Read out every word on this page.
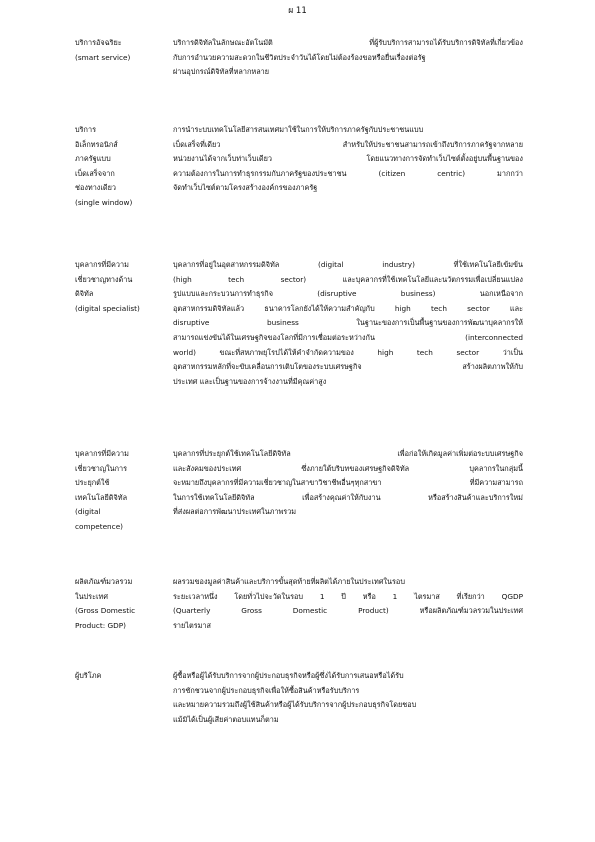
ผ 11
บริการอัจฉริยะ
(smart service)
บริการดิจิทัลในลักษณะอัตโนมัติ ที่ผู้รับบริการสามารถได้รับบริการดิจิทัลที่เกี่ยวข้อง
กับการอำนวยความสะดวกในชีวิตประจำวันได้โดยไม่ต้องร้องขอหรือยื่นเรื่องต่อรัฐ
ผ่านอุปกรณ์ดิจิทัลที่หลากหลาย
บริการ
อิเล็กทรอนิกส์
ภาครัฐแบบ
เบ็ดเสร็จจาก
ช่องทางเดียว
(single window)
การนำระบบเทคโนโลยีสารสนเทศมาใช้ในการให้บริการภาครัฐกับประชาชนแบบ
เบ็ดเสร็จที่เดียว สำหรับให้ประชาชนสามารถเข้าถึงบริการภาครัฐจากหลาย
หน่วยงานได้จากเว็บท่าเว็บเดียว โดยแนวทางการจัดทำเว็บไซต์ตั้งอยู่บนพื้นฐานของ
ความต้องการในการทำธุรกรรมกับภาครัฐของประชาชน (citizen centric) มากกว่า
จัดทำเว็บไซต์ตามโครงสร้างองค์กรของภาครัฐ
บุคลากรที่มีความ
เชี่ยวชาญทางด้าน
ดิจิทัล
(digital specialist)
บุคลากรที่อยู่ในอุตสาหกรรมดิจิทัล (digital industry) ที่ใช้เทคโนโลยีเข้มข้น
(high tech sector) และบุคลากรที่ใช้เทคโนโลยีและนวัตกรรมเพื่อเปลี่ยนแปลง
รูปแบบและกระบวนการทำธุรกิจ (disruptive business) นอกเหนือจาก
อุตสาหกรรมดิจิทัลแล้ว ธนาคารโลกยังได้ให้ความสำคัญกับ high tech sector และ
disruptive business ในฐานะของการเป็นพื้นฐานของการพัฒนาบุคลากรให้
สามารถแข่งขันได้ในเศรษฐกิจของโลกที่มีการเชื่อมต่อระหว่างกัน (interconnected
world) ขณะที่สหภาพยุโรปได้ให้คำจำกัดความของ high tech sector ว่าเป็น
อุตสาหกรรมหลักที่จะขับเคลื่อนการเติบโตของระบบเศรษฐกิจ สร้างผลิตภาพให้กับ
ประเทศ และเป็นฐานของการจ้างงานที่มีคุณค่าสูง
บุคลากรที่มีความ
เชี่ยวชาญในการ
ประยุกต์ใช้
เทคโนโลยีดิจิทัล
(digital
competence)
บุคลากรที่ประยุกต์ใช้เทคโนโลยีดิจิทัล เพื่อก่อให้เกิดมูลค่าเพิ่มต่อระบบเศรษฐกิจ
และสังคมของประเทศ ซึ่งภายใต้บริบทของเศรษฐกิจดิจิทัล บุคลากรในกลุ่มนี้
จะหมายถึงบุคลากรที่มีความเชี่ยวชาญในสาขาวิชาชีพอื่นๆทุกสาขา ที่มีความสามารถ
ในการใช้เทคโนโลยีดิจิทัล เพื่อสร้างคุณค่าให้กับงาน หรือสร้างสินค้าและบริการใหม่
ที่ส่งผลต่อการพัฒนาประเทศในภาพรวม
ผลิตภัณฑ์มวลรวม
ในประเทศ
(Gross Domestic
Product: GDP)
ผลรวมของมูลค่าสินค้าและบริการขั้นสุดท้ายที่ผลิตได้ภายในประเทศในรอบ
ระยะเวลาหนึ่ง โดยทั่วไปจะวัดในรอบ 1 ปี หรือ 1 ไตรมาส ที่เรียกว่า QGDP
(Quarterly Gross Domestic Product) หรือผลิตภัณฑ์มวลรวมในประเทศ
รายไตรมาส
ผู้บริโภค	ผู้ซื้อหรือผู้ได้รับบริการจากผู้ประกอบธุรกิจหรือผู้ซึ่งได้รับการเสนอหรือได้รับ
การชักชวนจากผู้ประกอบธุรกิจเพื่อให้ซื้อสินค้าหรือรับบริการ
และหมายความรวมถึงผู้ใช้สินค้าหรือผู้ได้รับบริการจากผู้ประกอบธุรกิจโดยชอบ
แม้มิได้เป็นผู้เสียค่าตอบแทนก็ตาม
